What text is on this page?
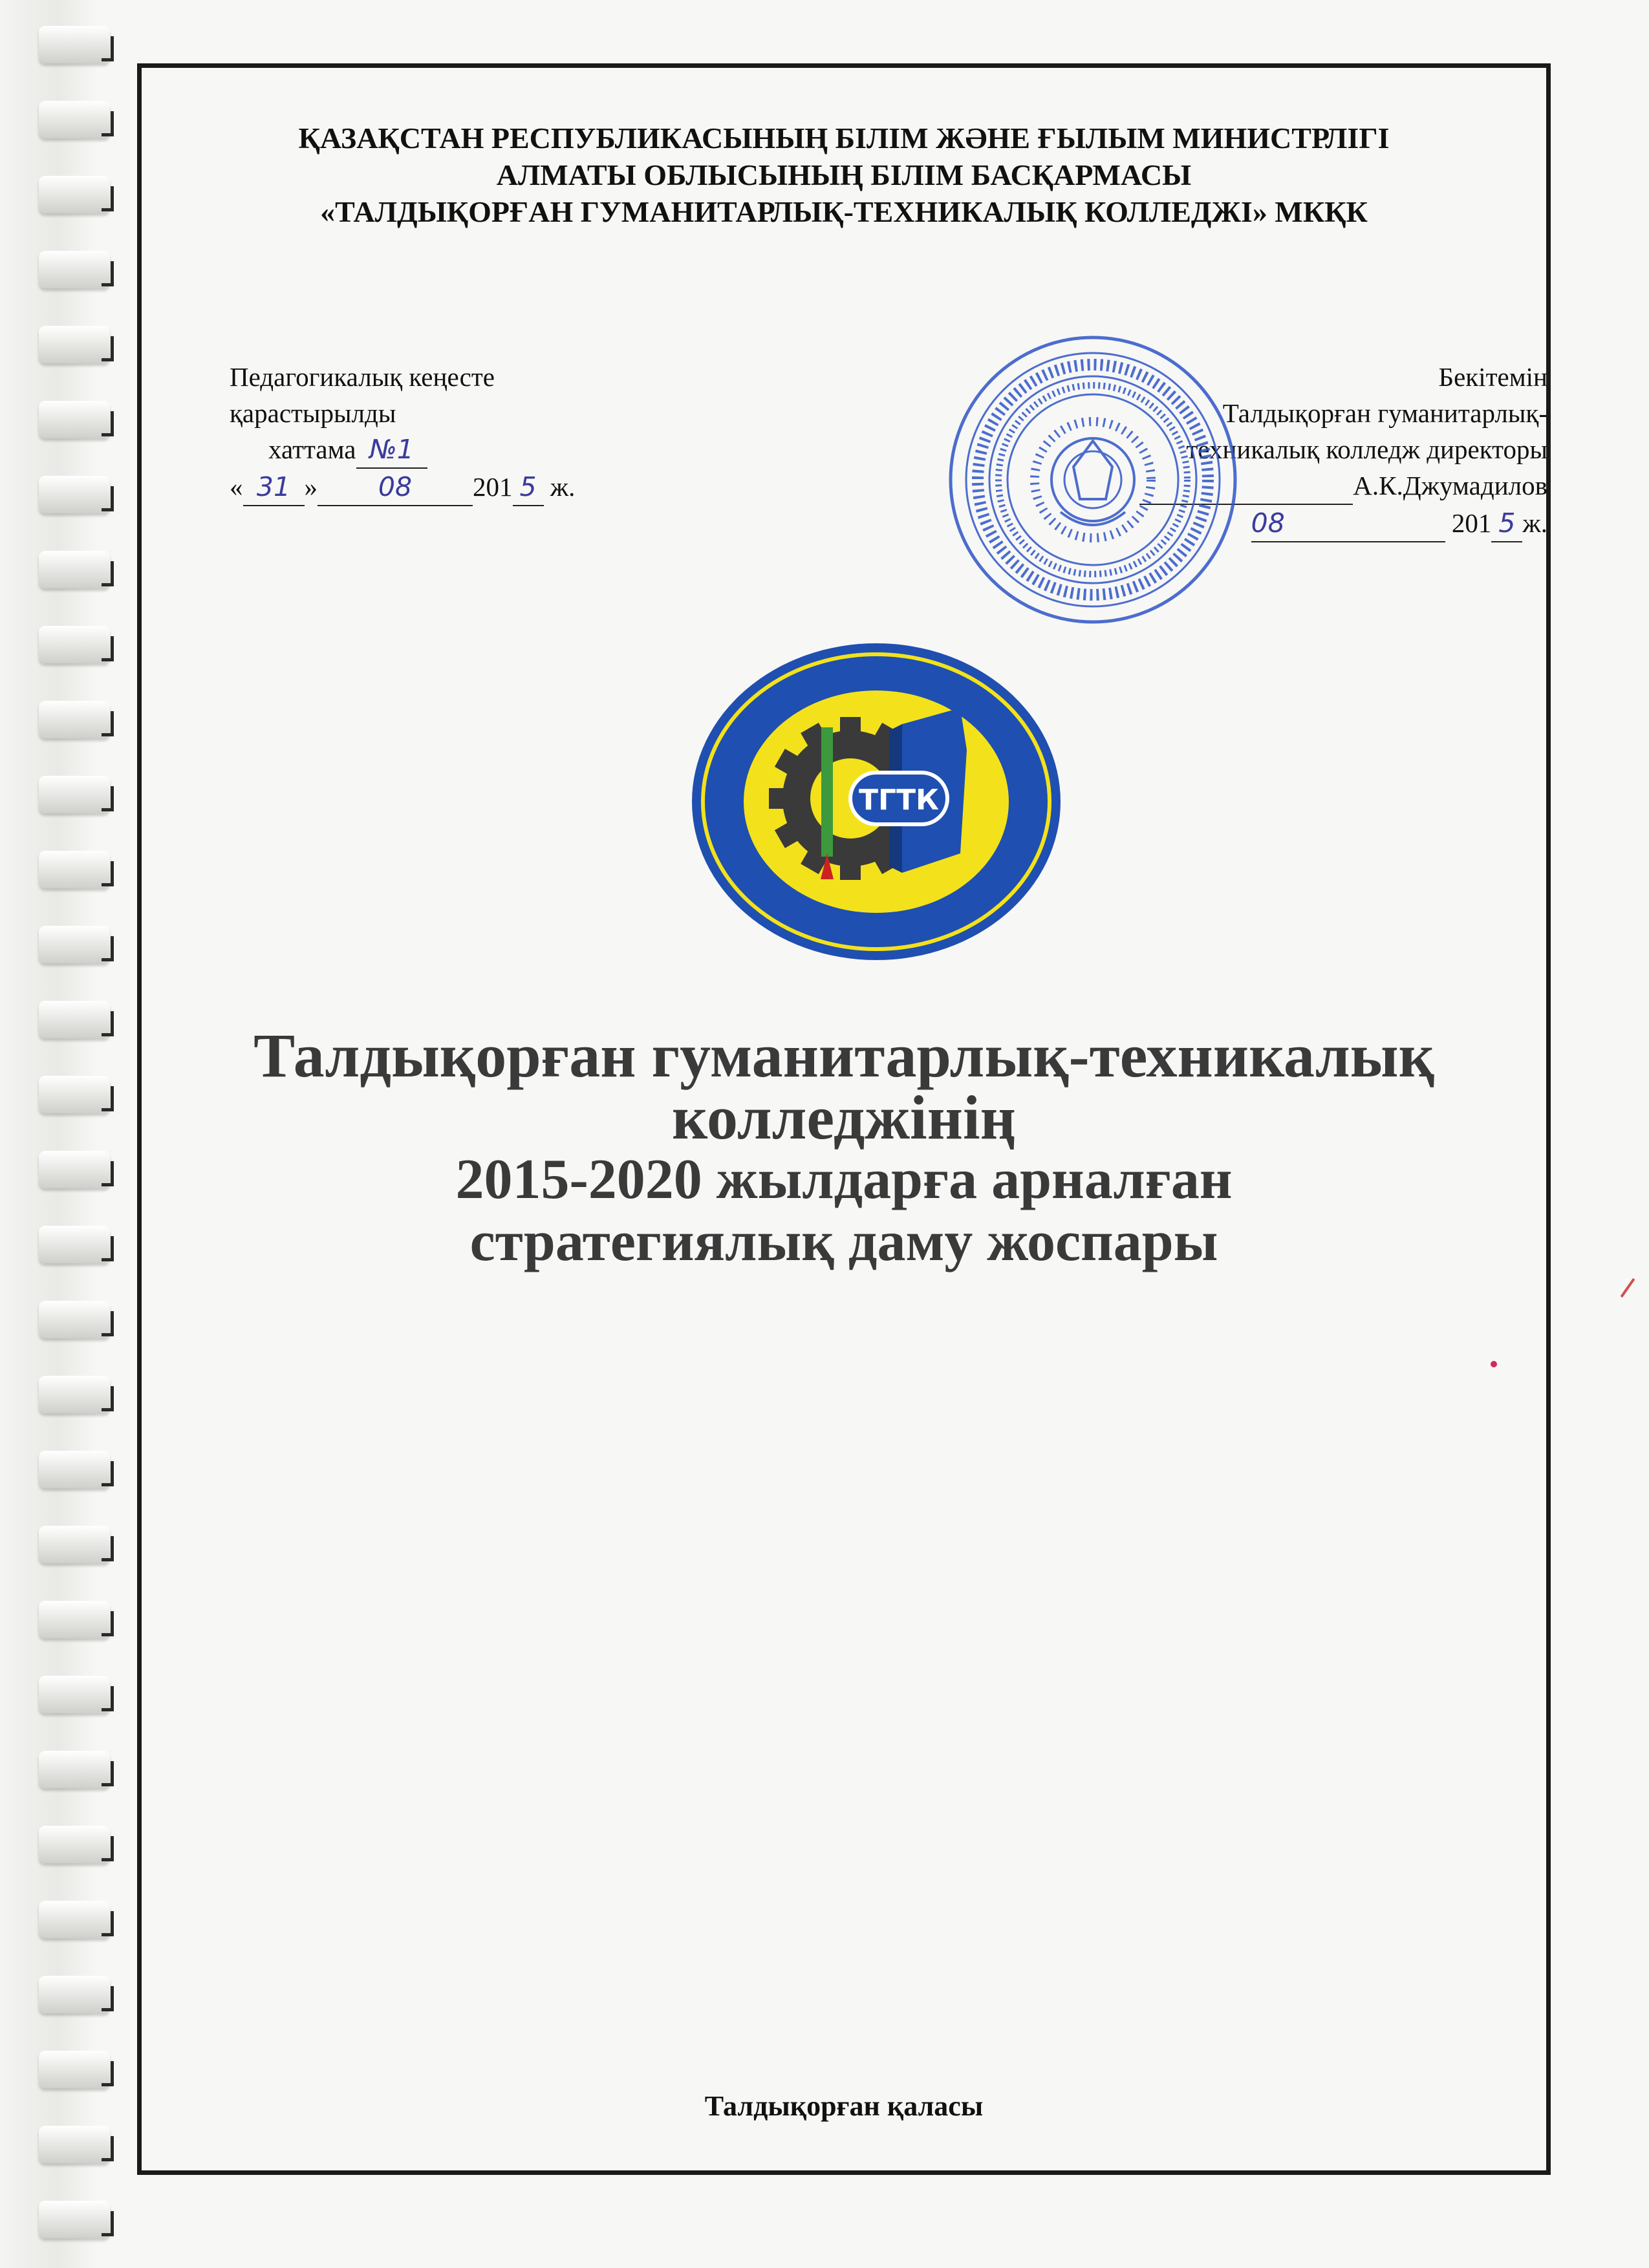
ҚАЗАҚСТАН РЕСПУБЛИКАСЫНЫҢ БІЛІМ ЖӘНЕ ҒЫЛЫМ МИНИСТРЛІГІ
АЛМАТЫ ОБЛЫСЫНЫҢ БІЛІМ БАСҚАРМАСЫ
«ТАЛДЫҚОРҒАН ГУМАНИТАРЛЫҚ-ТЕХНИКАЛЫҚ КОЛЛЕДЖІ» МКҚК
Педагогикалық кеңесте
қарастырылды
хаттама №1
« 31 » 08 201 5 ж.
Бекітемін
Талдықорған гуманитарлық-
техникалық колледж директоры
А.К.Джумадилов
08	201 5 ж.
ТГТК
Талдықорған гуманитарлық-техникалық
колледжінің
2015-2020 жылдарға арналған
стратегиялық даму жоспары
Талдықорған қаласы
